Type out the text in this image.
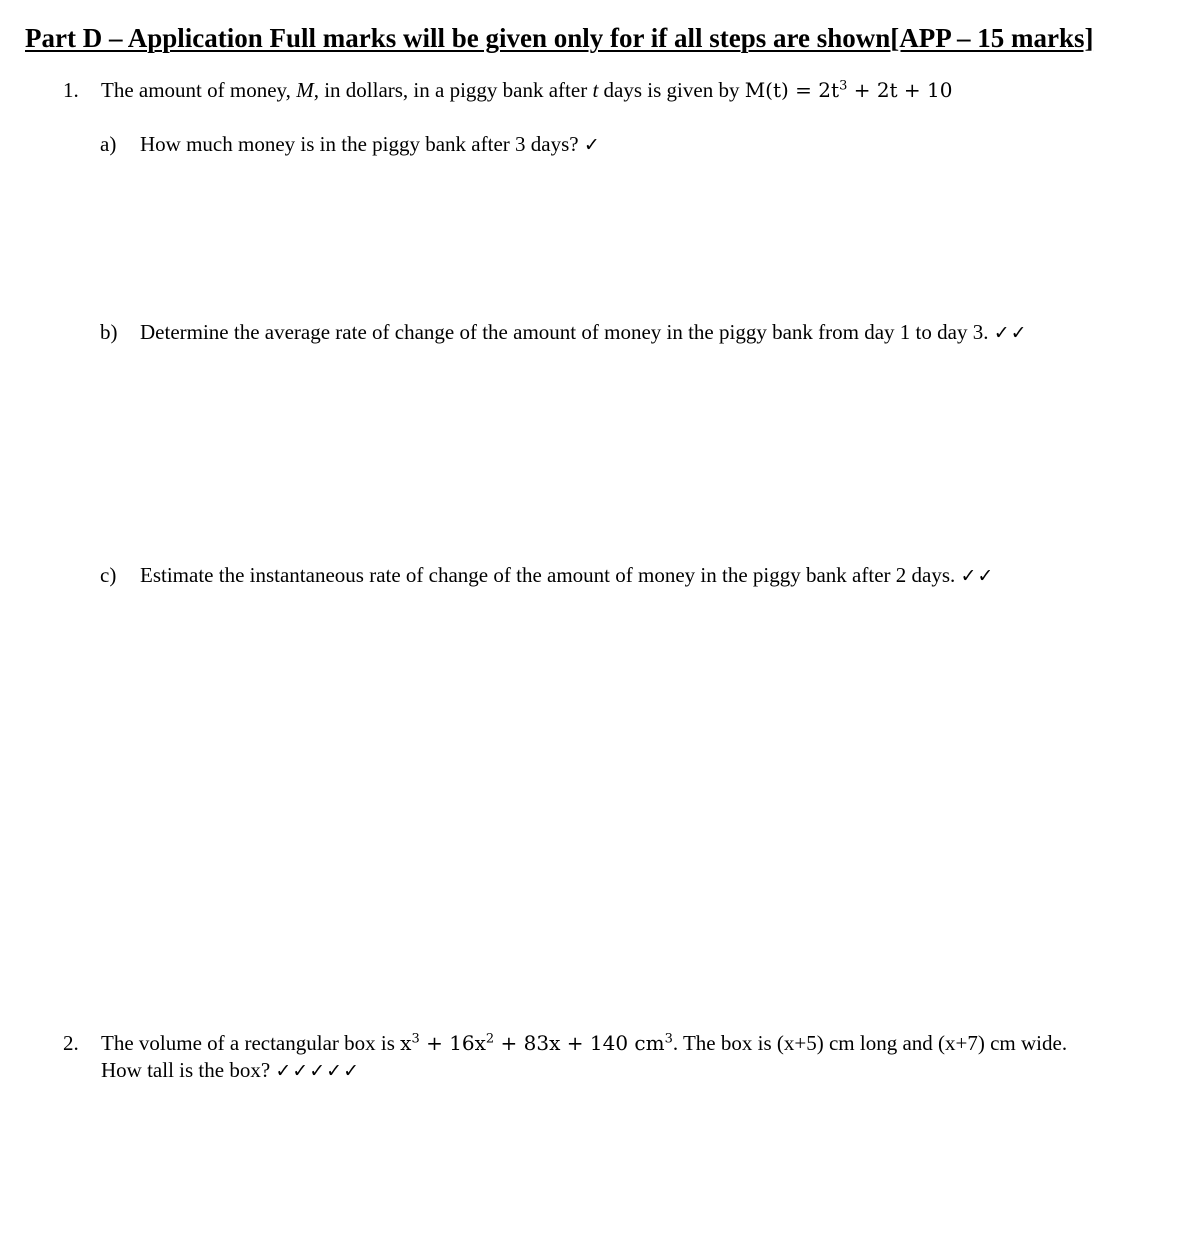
Part D – Application Full marks will be given only for if all steps are shown[APP – 15 marks]
1. The amount of money, M, in dollars, in a piggy bank after t days is given by $M(t) = 2t^3 + 2t + 10$
a) How much money is in the piggy bank after 3 days? ✓
b) Determine the average rate of change of the amount of money in the piggy bank from day 1 to day 3. ✓✓
c) Estimate the instantaneous rate of change of the amount of money in the piggy bank after 2 days. ✓✓
2. The volume of a rectangular box is $x^3 + 16x^2 + 83x + 140$ $cm^3$. The box is (x+5) cm long and (x+7) cm wide.
How tall is the box? ✓✓✓✓✓
